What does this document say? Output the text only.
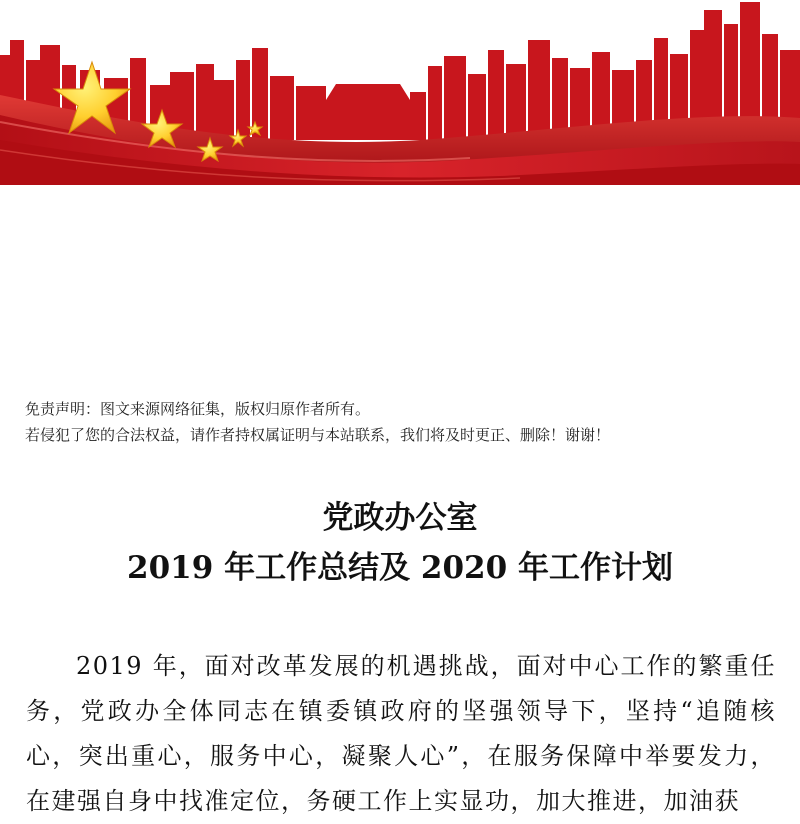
免责声明：图文来源网络征集，版权归原作者所有。
若侵犯了您的合法权益，请作者持权属证明与本站联系，我们将及时更正、删除！谢谢！
党政办公室
2019 年工作总结及 2020 年工作计划
2019 年，面对改革发展的机遇挑战，面对中心工作的繁重任务，党政办全体同志在镇委镇政府的坚强领导下，坚持“追随核心，突出重心，服务中心，凝聚人心”，在服务保障中举要发力，在建强自身中找准定位，务硬工作上实显功，加大推进，加油获
